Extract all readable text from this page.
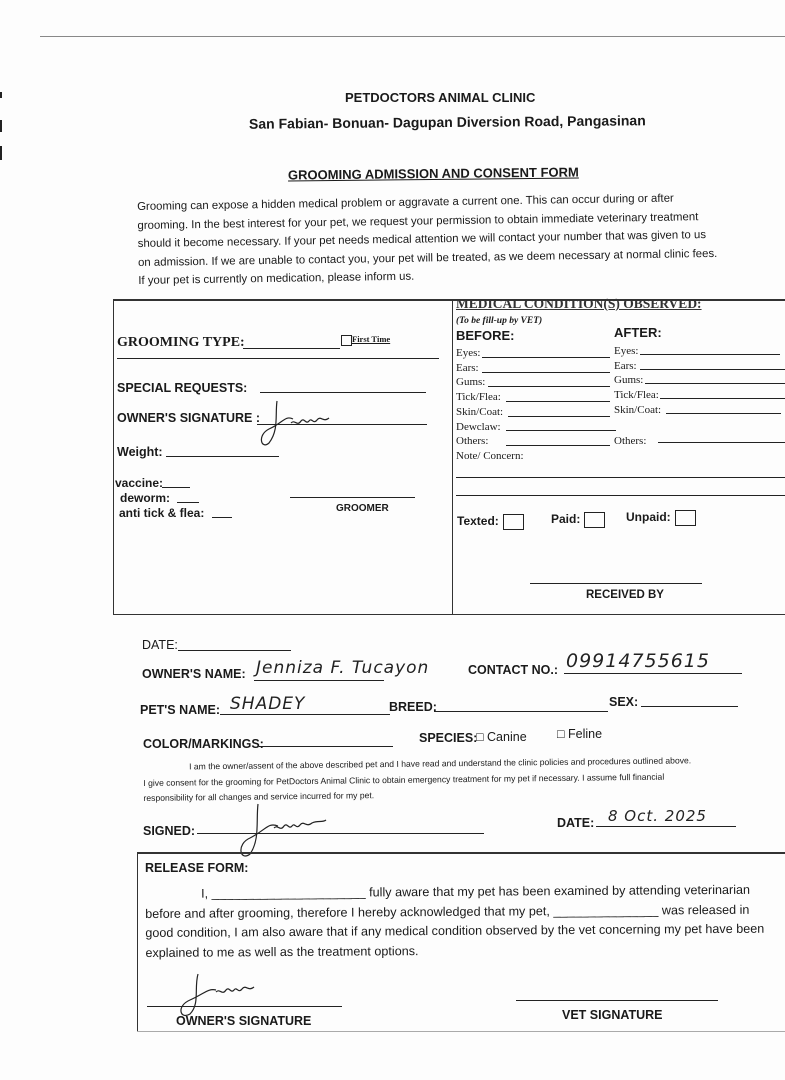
PETDOCTORS ANIMAL CLINIC
San Fabian- Bonuan- Dagupan Diversion Road, Pangasinan
GROOMING ADMISSION AND CONSENT FORM
Grooming can expose a hidden medical problem or aggravate a current one. This can occur during or after
grooming. In the best interest for your pet, we request your permission to obtain immediate veterinary treatment
should it become necessary. If your pet needs medical attention we will contact your number that was given to us
on admission. If we are unable to contact you, your pet will be treated, as we deem necessary at normal clinic fees.
If your pet is currently on medication, please inform us.
GROOMING TYPE:	First Time
SPECIAL REQUESTS:
OWNER'S SIGNATURE :
Weight:
vaccine:
deworm:
anti tick & flea:	GROOMER
MEDICAL CONDITION(S) OBSERVED:
(To be fill-up by VET)
BEFORE:	AFTER:
Eyes:
Ears:
Gums:
Tick/Flea:
Skin/Coat:
Dewclaw:
Others:
Note/ Concern:
Eyes:
Ears:
Gums:
Tick/Flea:
Skin/Coat:
Others:
Texted:	Paid:	Unpaid:
RECEIVED BY
DATE:
OWNER'S NAME: Jenniza F. Tucayon	CONTACT NO.: 09914755615
PET'S NAME: SHADEY	BREED:	SEX:
COLOR/MARKINGS:	SPECIES:
□ Canine □ Feline
I am the owner/assent of the above described pet and I have read and understand the clinic policies and procedures outlined above.
I give consent for the grooming for PetDoctors Animal Clinic to obtain emergency treatment for my pet if necessary. I assume full financial
responsibility for all changes and service incurred for my pet.
SIGNED:
DATE: 8 Oct. 2025
RELEASE FORM:
I, ______________________ fully aware that my pet has been examined by attending veterinarian
before and after grooming, therefore I hereby acknowledged that my pet, _______________ was released in
good condition, I am also aware that if any medical condition observed by the vet concerning my pet have been
explained to me as well as the treatment options.
OWNER'S SIGNATURE	VET SIGNATURE
